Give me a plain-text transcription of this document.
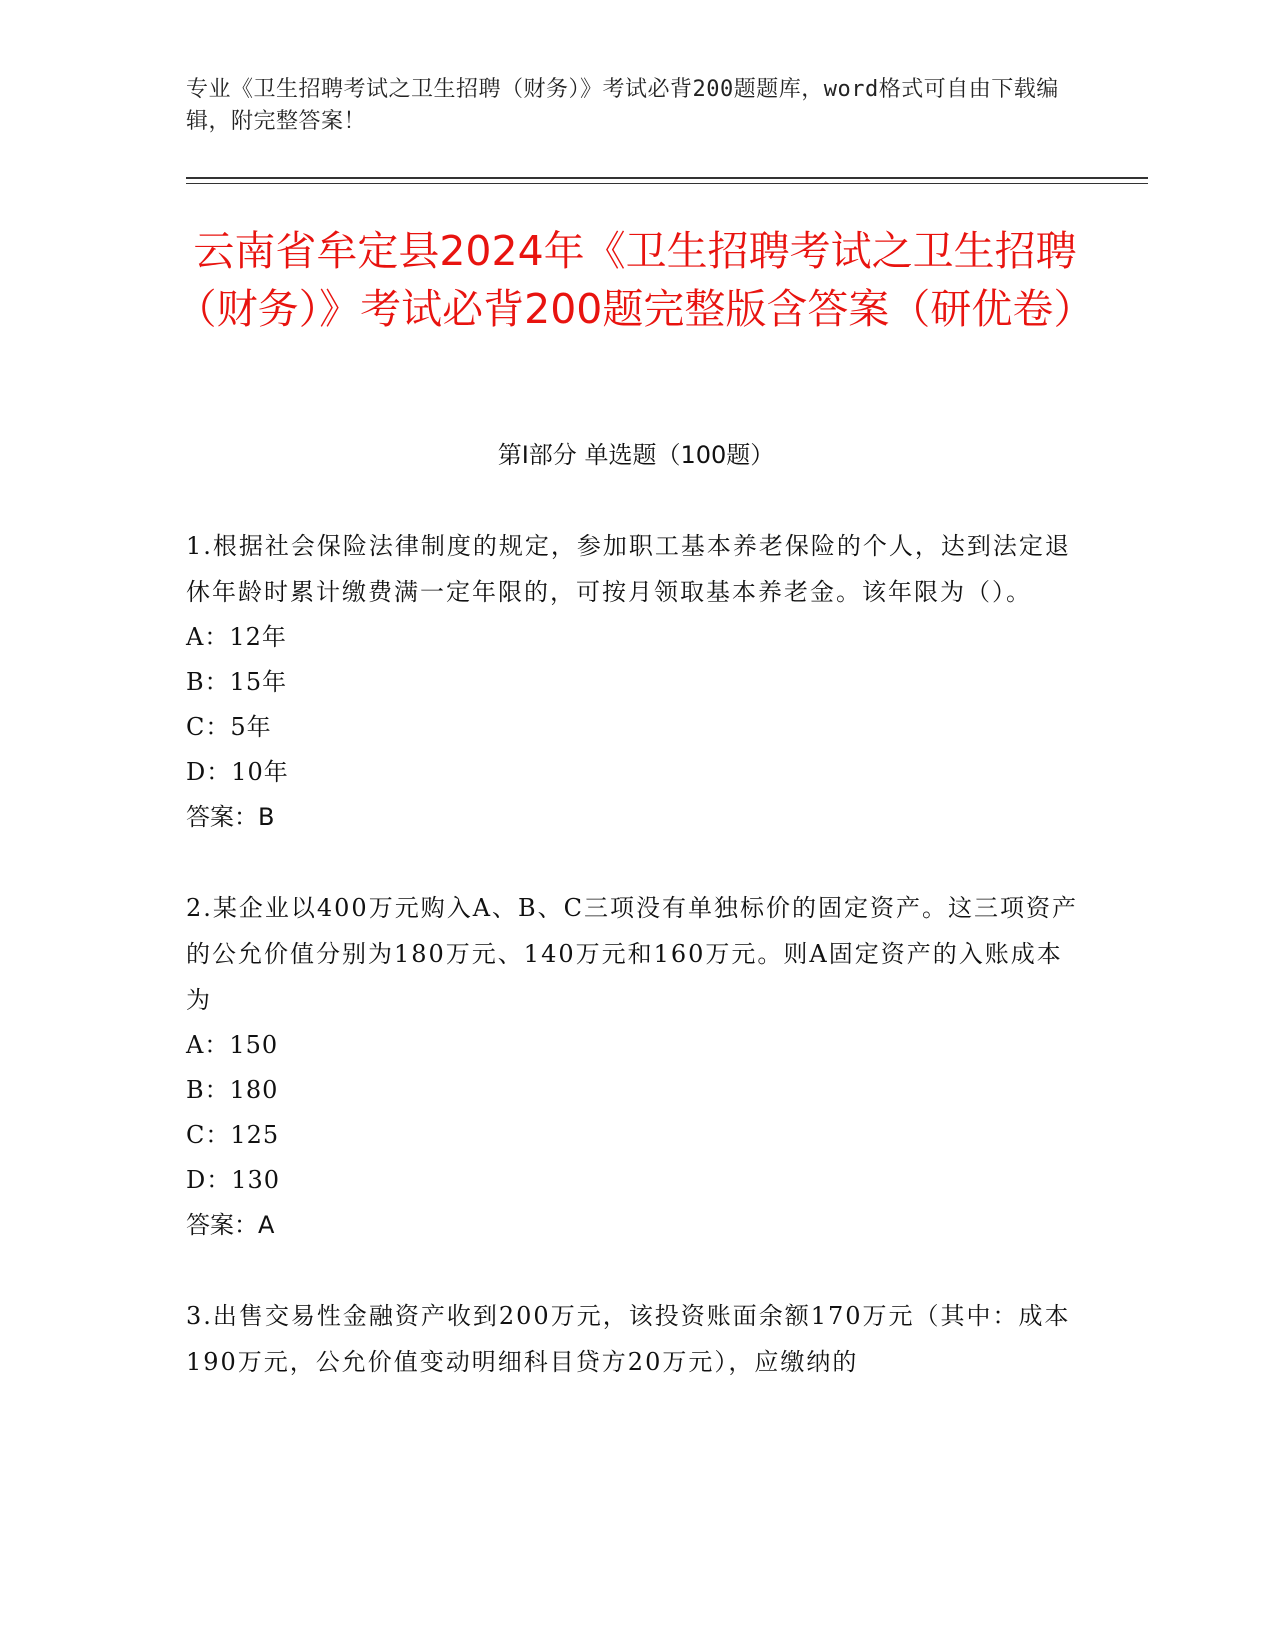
专业《卫生招聘考试之卫生招聘（财务）》考试必背200题题库，word格式可自由下载编辑，附完整答案！
云南省牟定县2024年《卫生招聘考试之卫生招聘（财务）》考试必背200题完整版含答案（研优卷）
第Ⅰ部分 单选题（100题）
1.根据社会保险法律制度的规定，参加职工基本养老保险的个人，达到法定退休年龄时累计缴费满一定年限的，可按月领取基本养老金。该年限为（）。
A：12年
B：15年
C：5年
D：10年
答案：B
2.某企业以400万元购入A、B、C三项没有单独标价的固定资产。这三项资产的公允价值分别为180万元、140万元和160万元。则A固定资产的入账成本为
A：150
B：180
C：125
D：130
答案：A
3.出售交易性金融资产收到200万元，该投资账面余额170万元（其中：成本190万元，公允价值变动明细科目贷方20万元），应缴纳的
